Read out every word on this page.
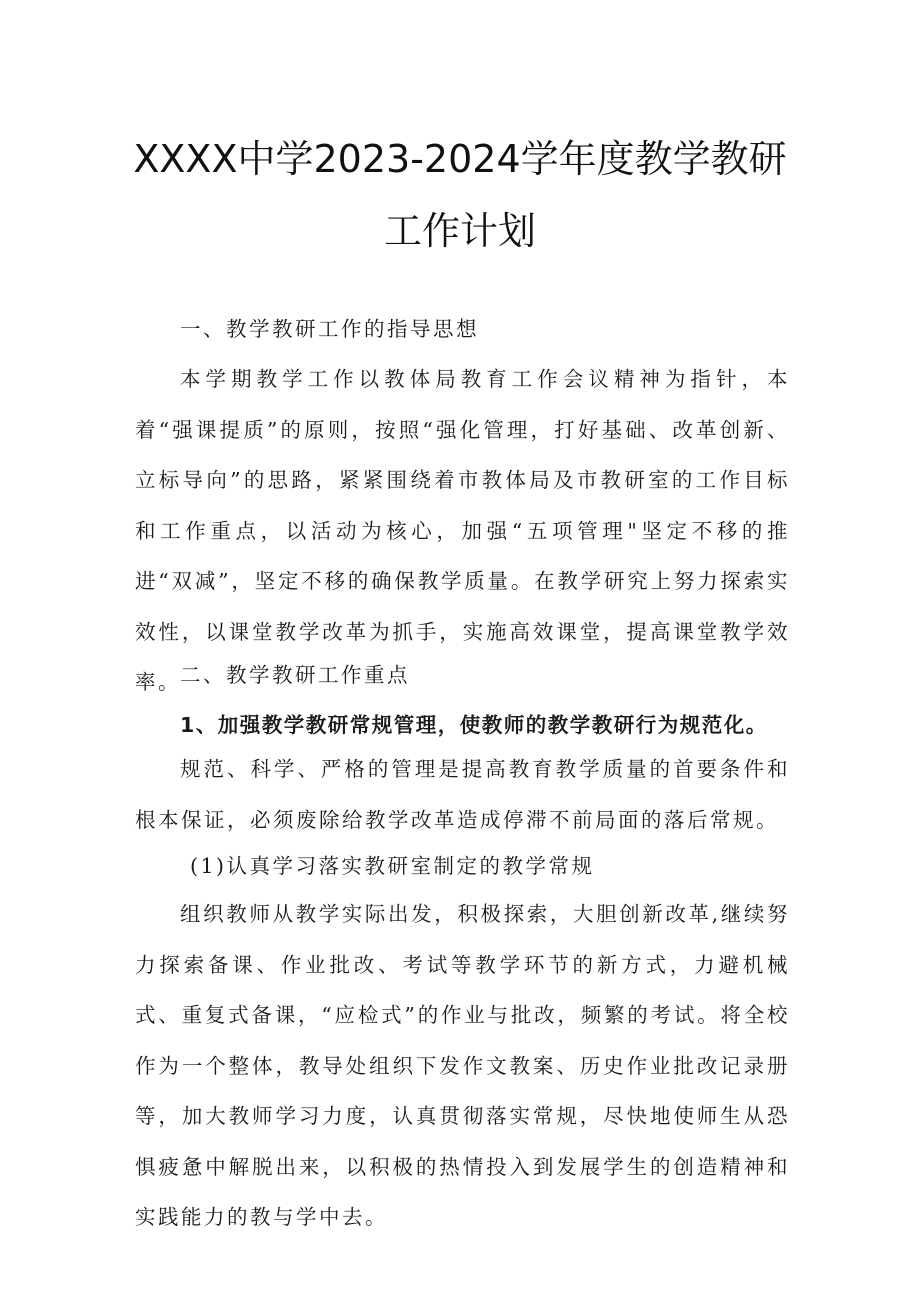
XXXX中学2023-2024学年度教学教研
工作计划

一、教学教研工作的指导思想

本学期教学工作以教体局教育工作会议精神为指针，本着“强课提质”的原则，按照“强化管理，打好基础、改革创新、立标导向”的思路，紧紧围绕着市教体局及市教研室的工作目标和工作重点，以活动为核心，加强“五项管理"坚定不移的推进“双减”，坚定不移的确保教学质量。在教学研究上努力探索实效性，以课堂教学改革为抓手，实施高效课堂，提高课堂教学效率。 二、教学教研工作重点

1、加强教学教研常规管理，使教师的教学教研行为规范化。

规范、科学、严格的管理是提高教育教学质量的首要条件和根本保证，必须废除给教学改革造成停滞不前局面的落后常规。

(1)认真学习落实教研室制定的教学常规

组织教师从教学实际出发，积极探索，大胆创新改革,继续努力探索备课、作业批改、考试等教学环节的新方式，力避机械式、重复式备课，“应检式”的作业与批改，频繁的考试。将全校作为一个整体，教导处组织下发作文教案、历史作业批改记录册等，加大教师学习力度，认真贯彻落实常规，尽快地使师生从恐惧疲惫中解脱出来，以积极的热情投入到发展学生的创造精神和实践能力的教与学中去。
